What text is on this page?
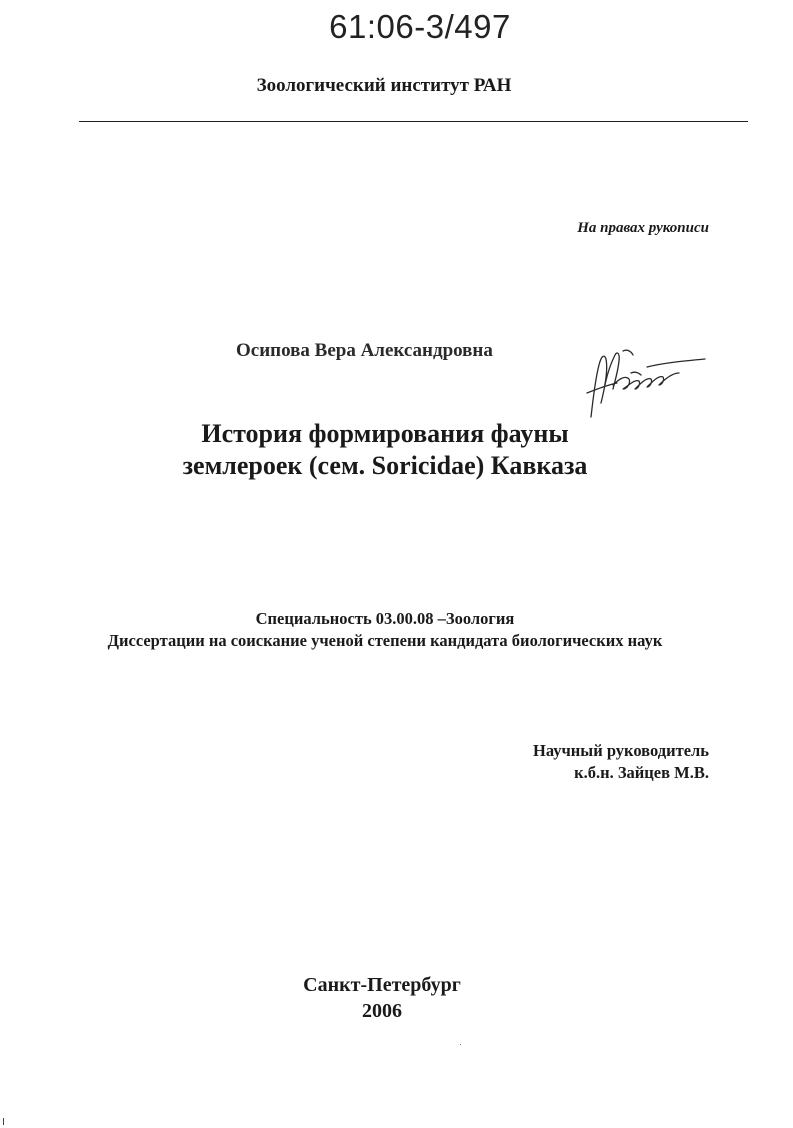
61:06-3/497
Зоологический институт РАН
На правах рукописи
Осипова Вера Александровна
История формирования фауны
землероек (сем. Soricidae) Кавказа
Специальность 03.00.08 –Зоология
Диссертации на соискание ученой степени кандидата биологических наук
Научный руководитель
к.б.н. Зайцев М.В.
Санкт-Петербург
2006
